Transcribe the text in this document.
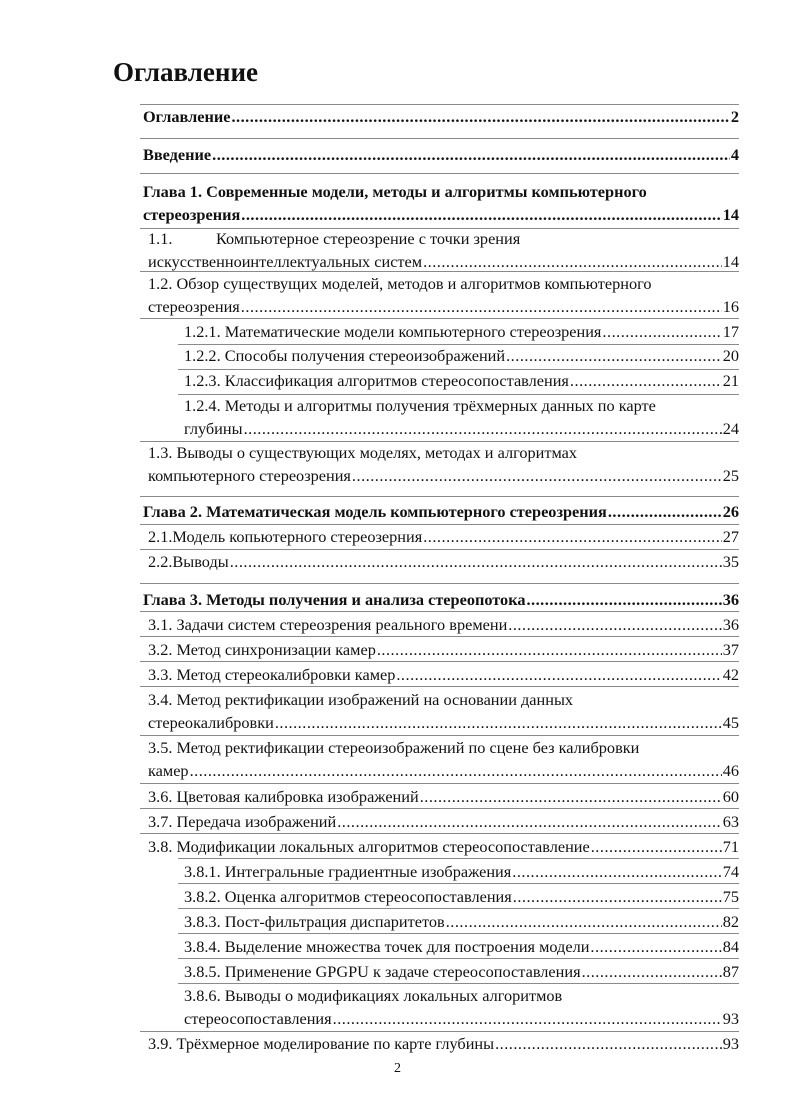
Оглавление
Оглавление .....	2
Введение .....	4
Глава 1. Современные модели, методы и алгоритмы компьютерного
стереозрения .....	14
1.1.	Компьютерное стереозрение с точки зрения
искусственноинтеллектуальных систем .....	14
1.2. Обзор существущих моделей, методов и алгоритмов компьютерного
стереозрения .....	16
1.2.1. Математические модели компьютерного стереозрения .....	17
1.2.2. Способы получения стереоизображений .....	20
1.2.3. Классификация алгоритмов стереосопоставления .....	21
1.2.4. Методы и алгоритмы получения трёхмерных данных по карте
глубины .....	24
1.3. Выводы о существующих моделях, методах и алгоритмах
компьютерного стереозрения .....	25
Глава 2. Математическая модель компьютерного стереозрения .....	26
2.1. Модель копьютерного стереозерния .....	27
2.2. Выводы .....	35
Глава 3. Методы получения и анализа стереопотока .....	36
3.1. Задачи систем стереозрения реального времени .....	36
3.2. Метод синхронизации камер .....	37
3.3. Метод стереокалибровки камер .....	42
3.4. Метод ректификации изображений на основании данных
стереокалибровки .....	45
3.5. Метод ректификации стереоизображений по сцене без калибровки
камер .....	46
3.6. Цветовая калибровка изображений .....	60
3.7. Передача изображений .....	63
3.8. Модификации локальных алгоритмов стереосопоставление .....	71
3.8.1. Интегральные градиентные изображения .....	74
3.8.2. Оценка алгоритмов стереосопоставления .....	75
3.8.3. Пост-фильтрация диспаритетов .....	82
3.8.4. Выделение множества точек для построения модели .....	84
3.8.5. Применение GPGPU к задаче стереосопоставления .....	87
3.8.6. Выводы о модификациях локальных алгоритмов
стереосопоставления .....	93
3.9. Трёхмерное моделирование по карте глубины .....	93
2
